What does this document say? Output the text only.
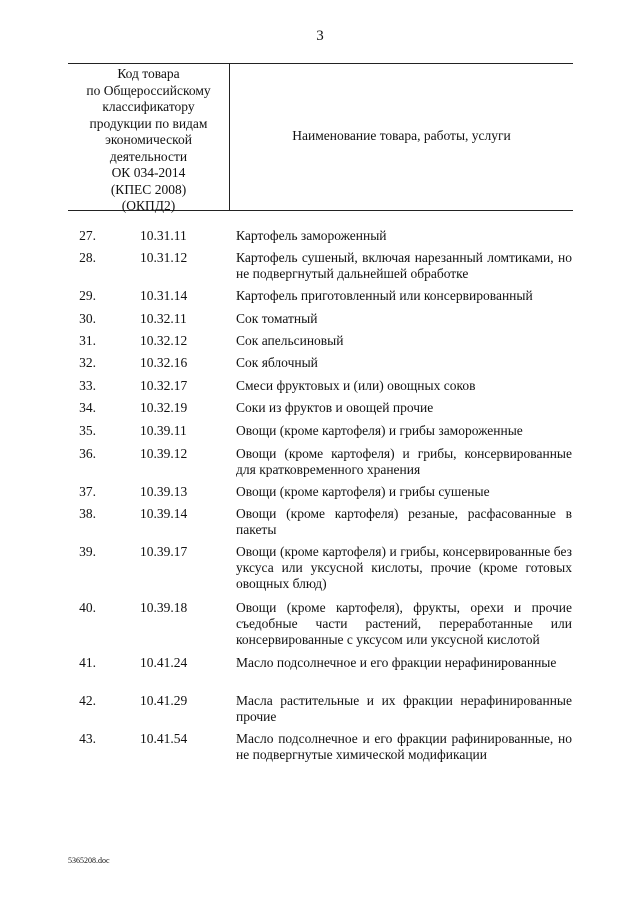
3
Код товара
по Общероссийскому
классификатору
продукции по видам
экономической
деятельности
ОК 034-2014
(КПЕС 2008)
(ОКПД2)
Наименование товара, работы, услуги
27.	10.31.11	Картофель замороженный
28.	10.31.12	Картофель сушеный, включая нарезанный ломтиками, но не подвергнутый дальнейшей обработке
29.	10.31.14	Картофель приготовленный или консервированный
30.	10.32.11	Сок томатный
31.	10.32.12	Сок апельсиновый
32.	10.32.16	Сок яблочный
33.	10.32.17	Смеси фруктовых и (или) овощных соков
34.	10.32.19	Соки из фруктов и овощей прочие
35.	10.39.11	Овощи (кроме картофеля) и грибы замороженные
36.	10.39.12	Овощи (кроме картофеля) и грибы, консервированные для кратковременного хранения
37.	10.39.13	Овощи (кроме картофеля) и грибы сушеные
38.	10.39.14	Овощи (кроме картофеля) резаные, расфасованные в пакеты
39.	10.39.17	Овощи (кроме картофеля) и грибы, консервированные без уксуса или уксусной кислоты, прочие (кроме готовых овощных блюд)
40.	10.39.18	Овощи (кроме картофеля), фрукты, орехи и прочие съедобные части растений, переработанные или консервированные с уксусом или уксусной кислотой
41.	10.41.24	Масло подсолнечное и его фракции нерафинированные
42.	10.41.29	Масла растительные и их фракции нерафинированные прочие
43.	10.41.54	Масло подсолнечное и его фракции рафинированные, но не подвергнутые химической модификации
5365208.doc
